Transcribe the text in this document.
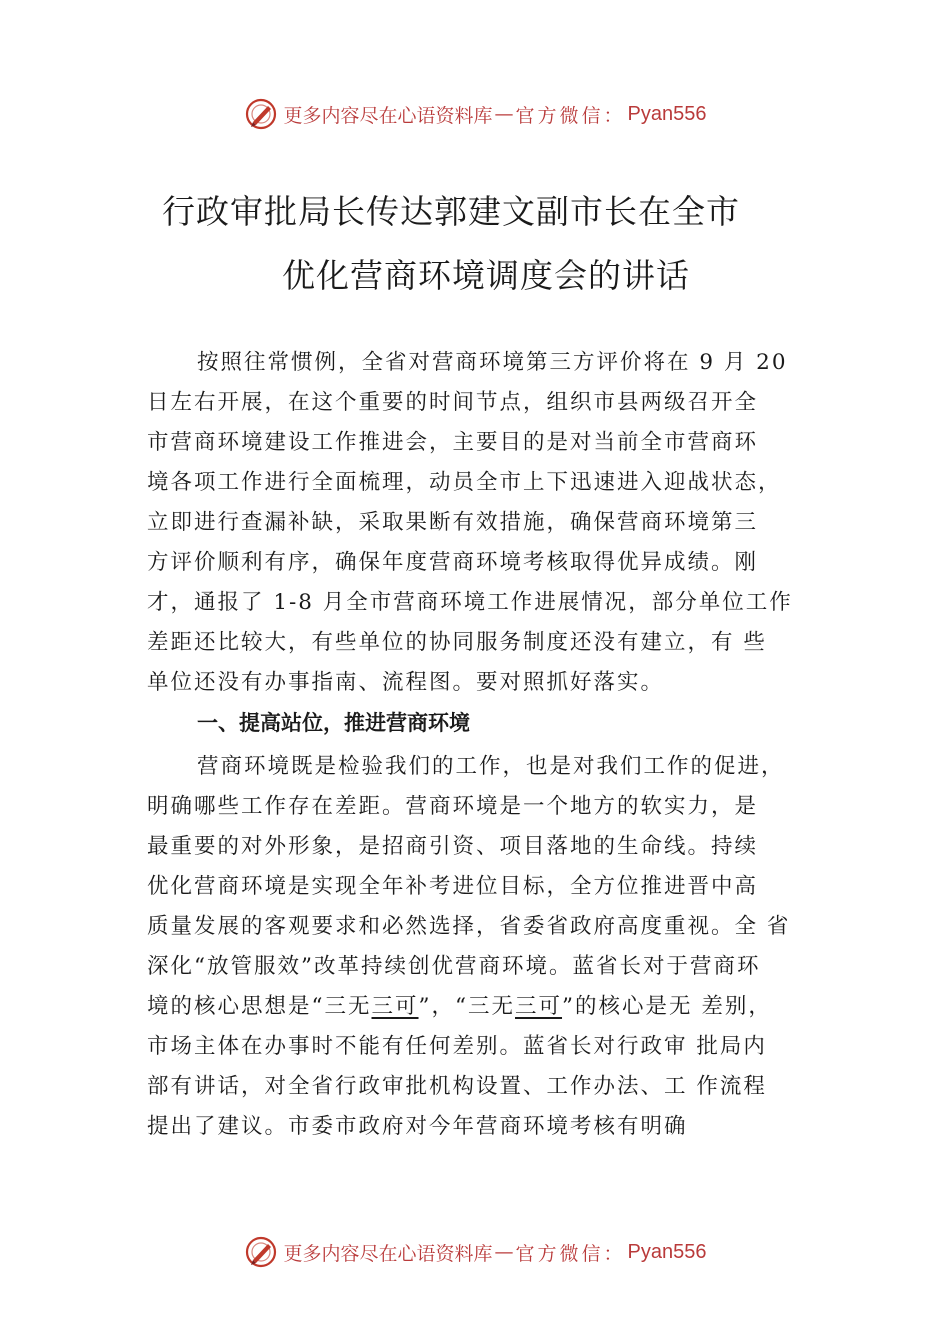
更多内容尽在心语资料库 — 官方微信： Pyan556
行政审批局长传达郭建文副市长在全市
优化营商环境调度会的讲话
按照往常惯例，全省对营商环境第三方评价将在 9 月 20
日左右开展，在这个重要的时间节点，组织市县两级召开全
市营商环境建设工作推进会，主要目的是对当前全市营商环
境各项工作进行全面梳理，动员全市上下迅速进入迎战状态，
立即进行查漏补缺，采取果断有效措施，确保营商环境第三
方评价顺利有序，确保年度营商环境考核取得优异成绩。刚
才，通报了 1-8 月全市营商环境工作进展情况，部分单位工作
差距还比较大，有些单位的协同服务制度还没有建立，有 些
单位还没有办事指南、流程图。要对照抓好落实。
一、提高站位，推进营商环境
营商环境既是检验我们的工作，也是对我们工作的促进，
明确哪些工作存在差距。营商环境是一个地方的软实力，是
最重要的对外形象，是招商引资、项目落地的生命线。持续
优化营商环境是实现全年补考进位目标，全方位推进晋中高
质量发展的客观要求和必然选择，省委省政府高度重视。全 省
深化“放管服效”改革持续创优营商环境。蓝省长对于营商环
境的核心思想是“三无三可”，“三无三可”的核心是无 差别，
市场主体在办事时不能有任何差别。蓝省长对行政审 批局内
部有讲话，对全省行政审批机构设置、工作办法、工 作流程
提出了建议。市委市政府对今年营商环境考核有明确
更多内容尽在心语资料库 — 官方微信： Pyan556
